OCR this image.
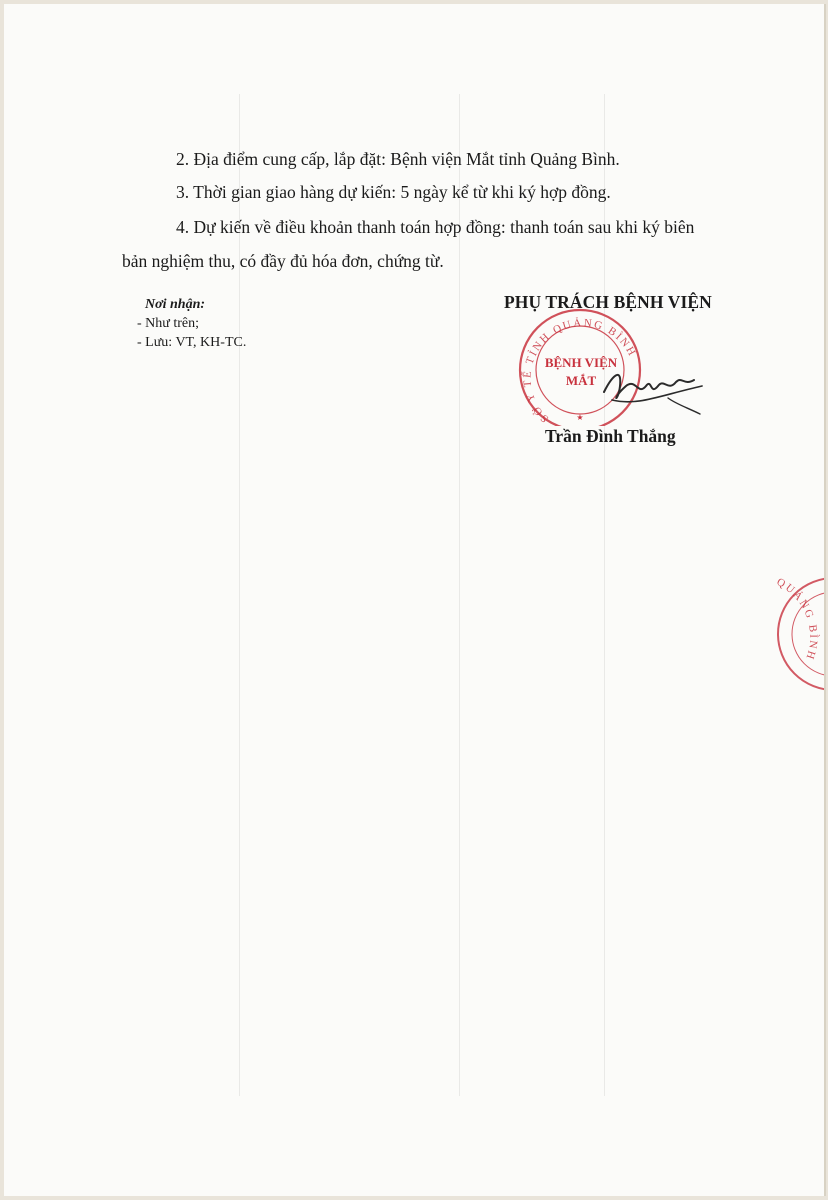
2. Địa điểm cung cấp, lắp đặt: Bệnh viện Mắt tỉnh Quảng Bình.

3. Thời gian giao hàng dự kiến: 5 ngày kể từ khi ký hợp đồng.

4. Dự kiến về điều khoản thanh toán hợp đồng: thanh toán sau khi ký biên

bản nghiệm thu, có đầy đủ hóa đơn, chứng từ.

Nơi nhận:
- Như trên;
- Lưu: VT, KH-TC.
SỞ Y TẾ TỈNH QUẢNG BÌNH
BỆNH VIỆN
MẮT
★
PHỤ TRÁCH BỆNH VIỆN
Trần Đình Thắng
QUẢNG BÌNH
